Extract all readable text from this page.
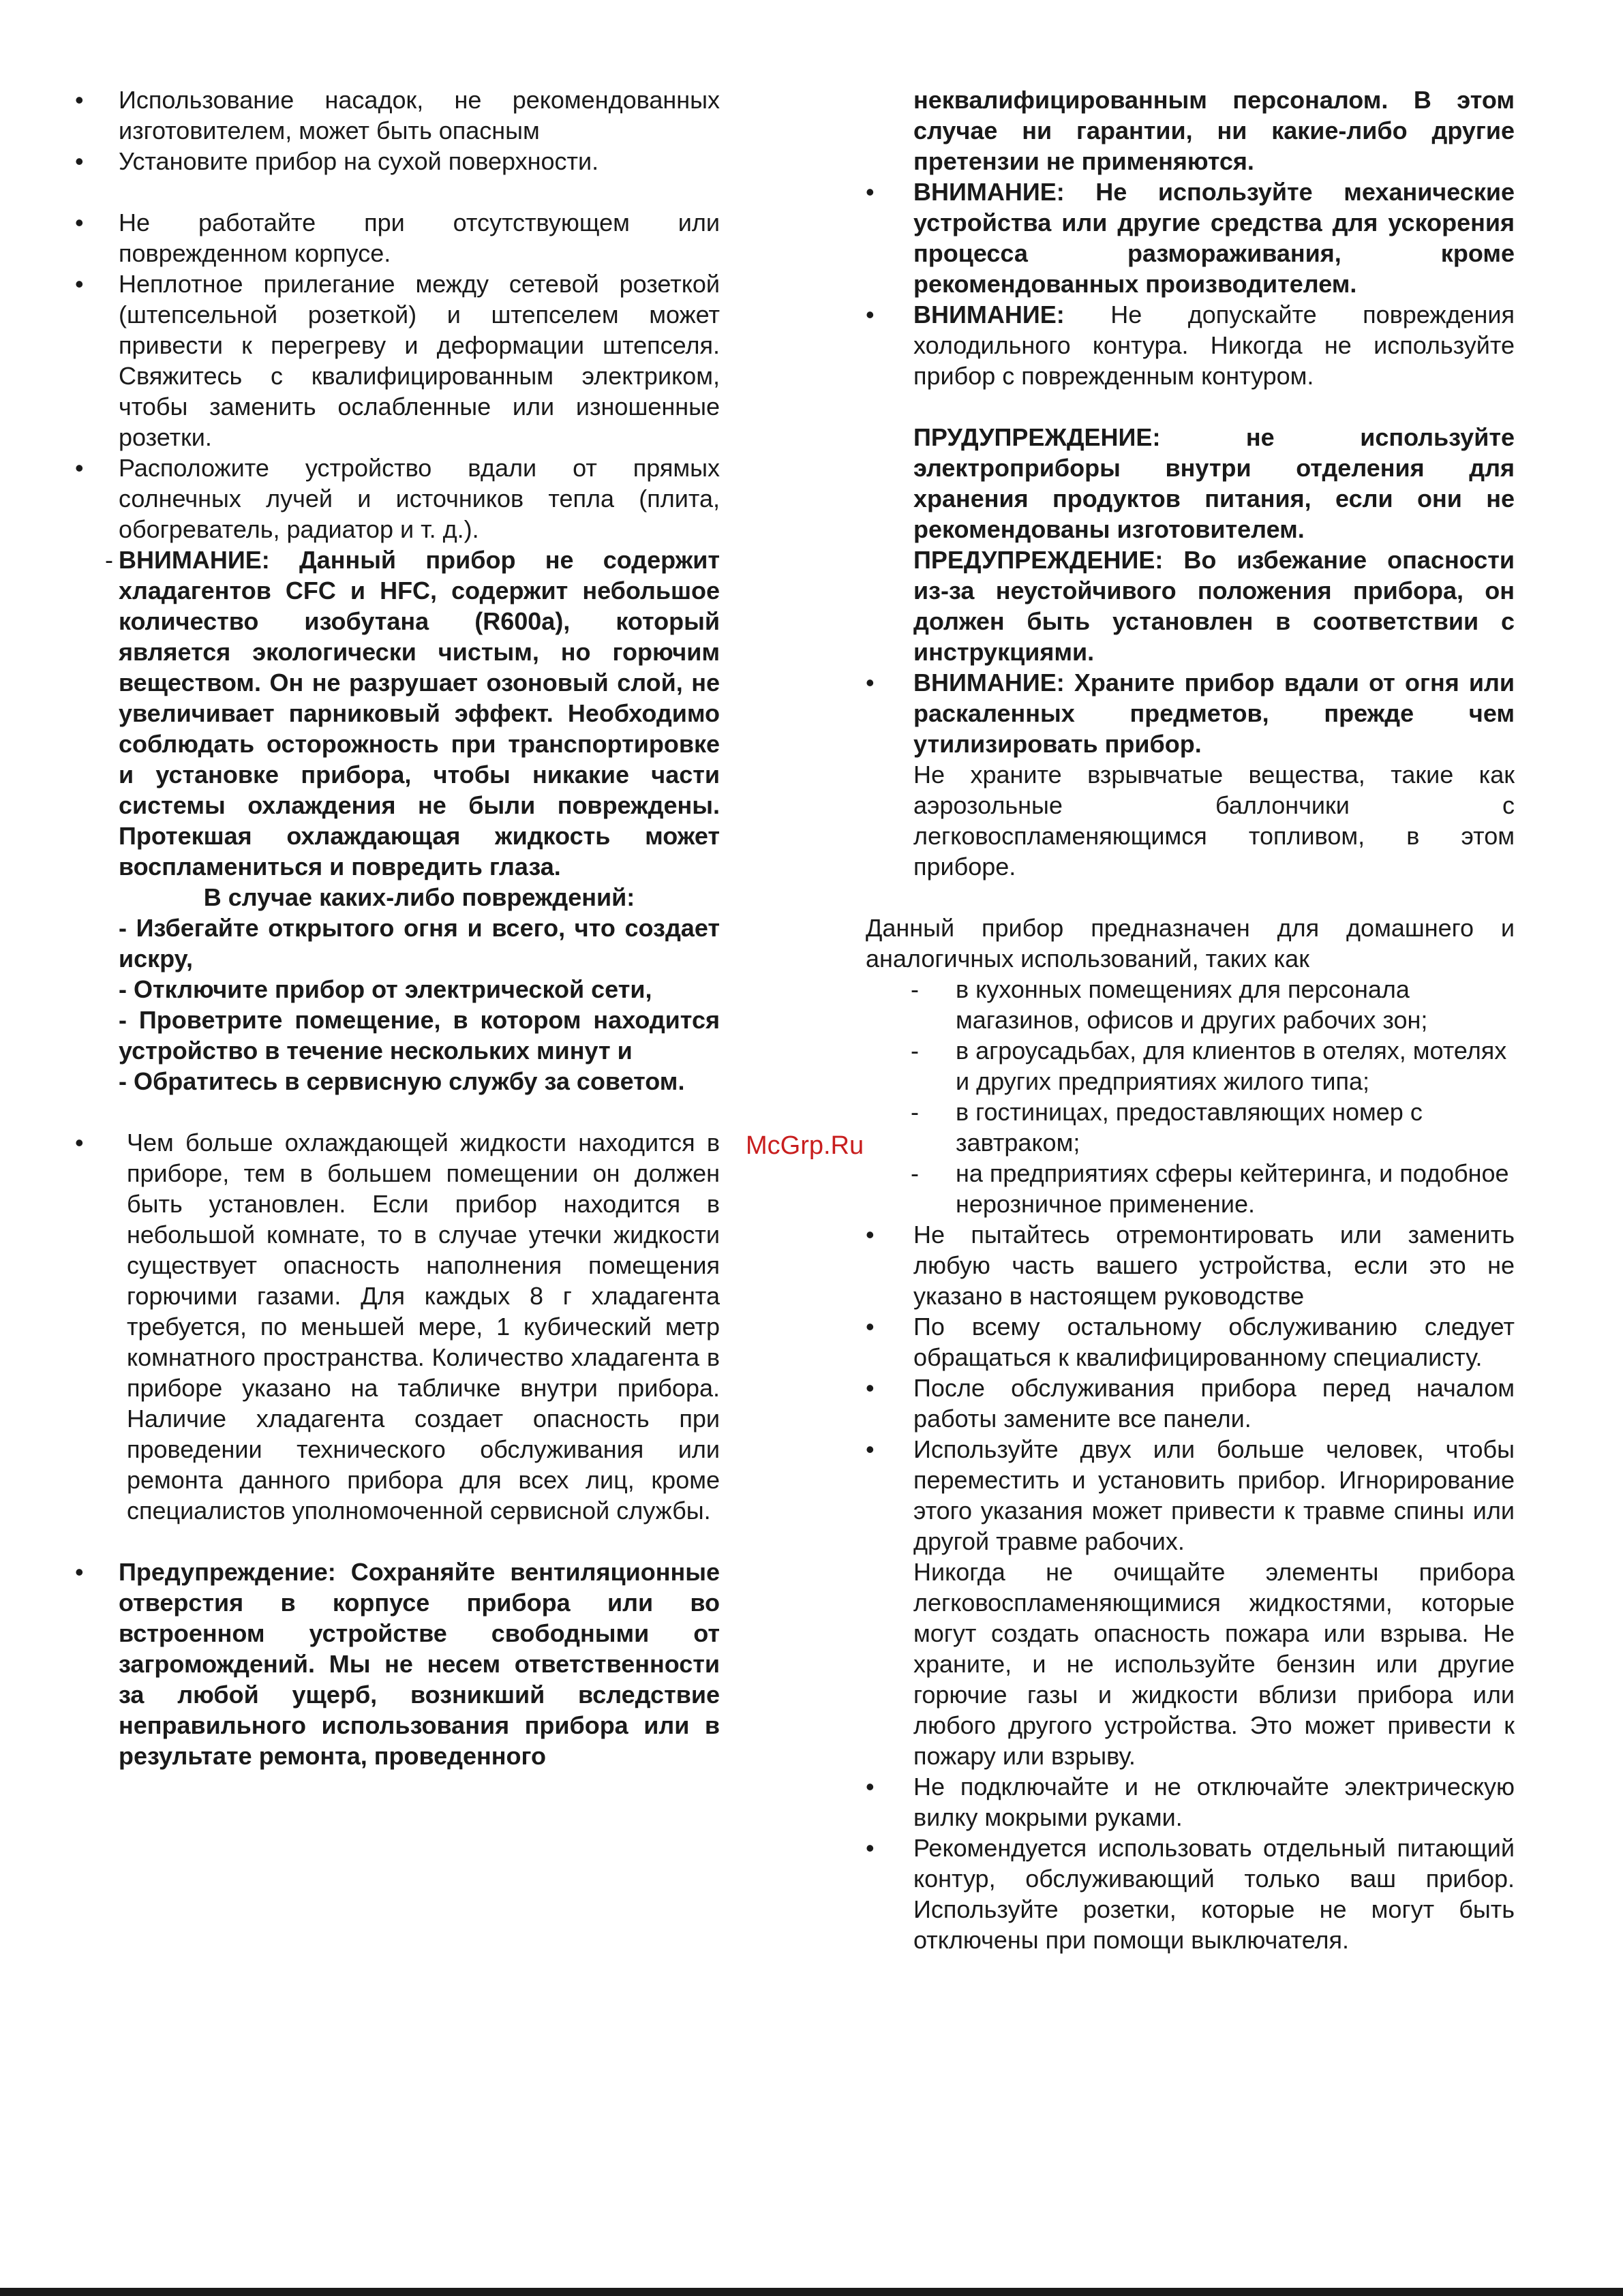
• Использование насадок, не рекомендованных изготовителем, может быть опасным

• Установите прибор на сухой поверхности.

• Не работайте при отсутствующем или поврежденном корпусе.

• Неплотное прилегание между сетевой розеткой (штепсельной розеткой) и штепселем может привести к перегреву и деформации штепселя. Свяжитесь с квалифицированным электриком, чтобы заменить ослабленные или изношенные розетки.

• Расположите устройство вдали от прямых солнечных лучей и источников тепла (плита, обогреватель, радиатор и т. д.).

- ВНИМАНИЕ: Данный прибор не содержит хладагентов CFC и HFC, содержит небольшое количество изобутана (R600a), который является экологически чистым, но горючим веществом. Он не разрушает озоновый слой, не увеличивает парниковый эффект. Необходимо соблюдать осторожность при транспортировке и установке прибора, чтобы никакие части системы охлаждения не были повреждены. Протекшая охлаждающая жидкость может воспламениться и повредить глаза.

В случае каких-либо повреждений:

- Избегайте открытого огня и всего, что создает искру,

- Отключите прибор от электрической сети,

- Проветрите помещение, в котором находится устройство в течение нескольких минут и

- Обратитесь в сервисную службу за советом.

• Чем больше охлаждающей жидкости находится в приборе, тем в большем помещении он должен быть установлен. Если прибор находится в небольшой комнате, то в случае утечки жидкости существует опасность наполнения помещения горючими газами. Для каждых 8 г хладагента требуется, по меньшей мере, 1 кубический метр комнатного пространства. Количество хладагента в приборе указано на табличке внутри прибора. Наличие хладагента создает опасность при проведении технического обслуживания или ремонта данного прибора для всех лиц, кроме специалистов уполномоченной сервисной службы.

• Предупреждение: Сохраняйте вентиляционные отверстия в корпусе прибора или во встроенном устройстве свободными от загромождений. Мы не несем ответственности за любой ущерб, возникший вследствие неправильного использования прибора или в результате ремонта, проведенного

неквалифицированным персоналом. В этом случае ни гарантии, ни какие-либо другие претензии не применяются.

• ВНИМАНИЕ: Не используйте механические устройства или другие средства для ускорения процесса размораживания, кроме рекомендованных производителем.

• ВНИМАНИЕ: Не допускайте повреждения холодильного контура. Никогда не используйте прибор с поврежденным контуром.

ПРУДУПРЕЖДЕНИЕ: не используйте электроприборы внутри отделения для хранения продуктов питания, если они не рекомендованы изготовителем.

ПРЕДУПРЕЖДЕНИЕ: Во избежание опасности из-за неустойчивого положения прибора, он должен быть установлен в соответствии с инструкциями.

• ВНИМАНИЕ: Храните прибор вдали от огня или раскаленных предметов, прежде чем утилизировать прибор.

Не храните взрывчатые вещества, такие как аэрозольные баллончики с легковоспламеняющимся топливом, в этом приборе.

Данный прибор предназначен для домашнего и аналогичных использований, таких как

- в кухонных помещениях для персонала магазинов, офисов и других рабочих зон;

- в агроусадьбах, для клиентов в отелях, мотелях и других предприятиях жилого типа;

- в гостиницах, предоставляющих номер с завтраком;

- на предприятиях сферы кейтеринга, и подобное нерозничное применение.

• Не пытайтесь отремонтировать или заменить любую часть вашего устройства, если это не указано в настоящем руководстве

• По всему остальному обслуживанию следует обращаться к квалифицированному специалисту.

• После обслуживания прибора перед началом работы замените все панели.

• Используйте двух или больше человек, чтобы переместить и установить прибор. Игнорирование этого указания может привести к травме спины или другой травме рабочих.

Никогда не очищайте элементы прибора легковоспламеняющимися жидкостями, которые могут создать опасность пожара или взрыва. Не храните, и не используйте бензин или другие горючие газы и жидкости вблизи прибора или любого другого устройства. Это может привести к пожару или взрыву.

• Не подключайте и не отключайте электрическую вилку мокрыми руками.

• Рекомендуется использовать отдельный питающий контур, обслуживающий только ваш прибор. Используйте розетки, которые не могут быть отключены при помощи выключателя.

McGrp.Ru
